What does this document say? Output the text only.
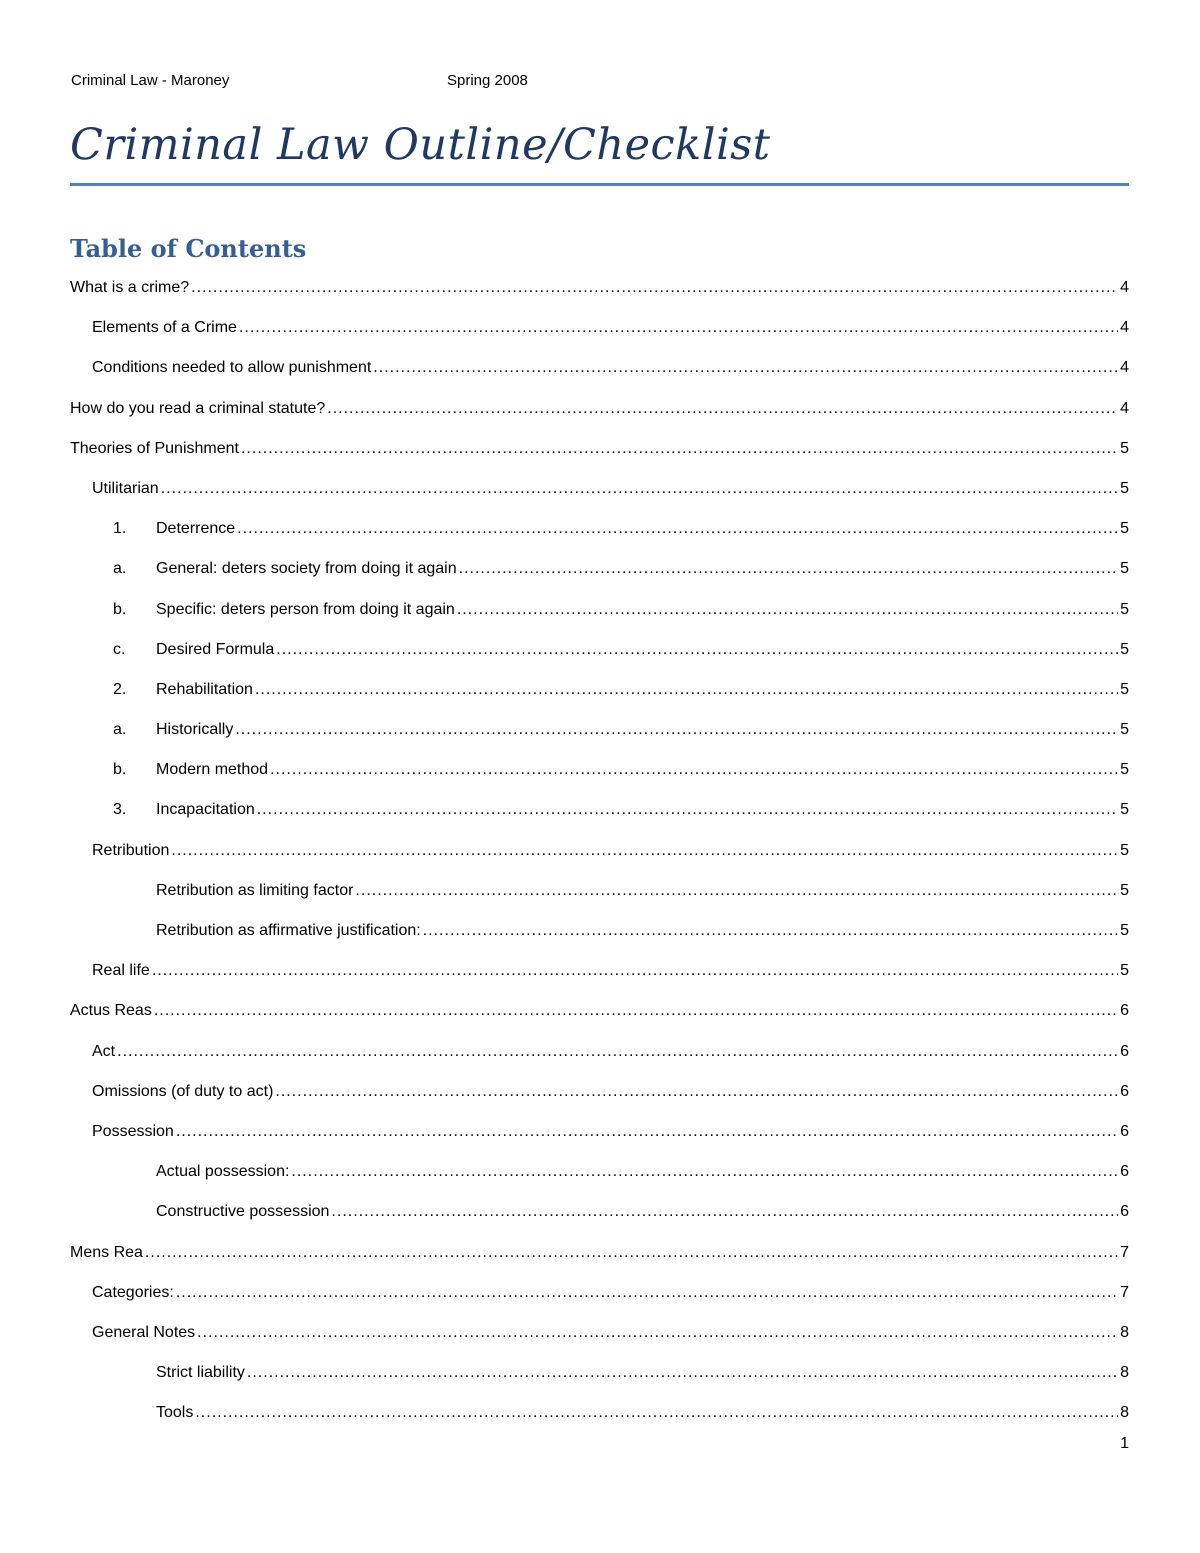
Criminal Law - Maroney	Spring 2008
Criminal Law Outline/Checklist
Table of Contents
What is a crime? .....	4
Elements of a Crime .....	4
Conditions needed to allow punishment .....	4
How do you read a criminal statute? .....	4
Theories of Punishment .....	5
Utilitarian .....	5
1.	Deterrence .....	5
a.	General: deters society from doing it again .....	5
b.	Specific: deters person from doing it again .....	5
c.	Desired Formula .....	5
2.	Rehabilitation .....	5
a.	Historically .....	5
b.	Modern method .....	5
3.	Incapacitation .....	5
Retribution .....	5
Retribution as limiting factor .....	5
Retribution as affirmative justification: .....	5
Real life .....	5
Actus Reas .....	6
Act .....	6
Omissions (of duty to act) .....	6
Possession .....	6
Actual possession: .....	6
Constructive possession .....	6
Mens Rea .....	7
Categories: .....	7
General Notes .....	8
Strict liability .....	8
Tools .....	8
1
